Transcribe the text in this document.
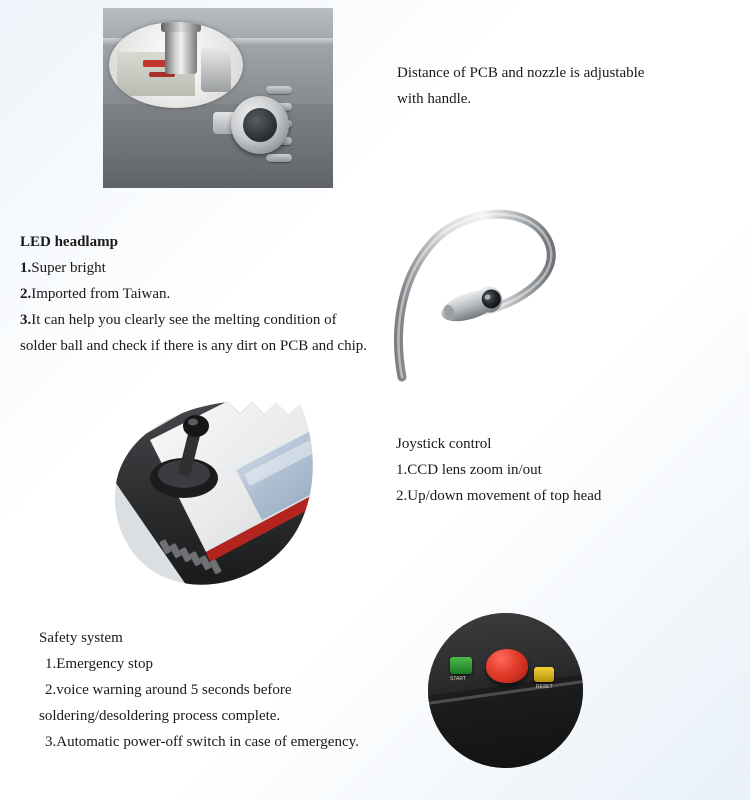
Distance of PCB and nozzle is adjustable
with handle.
LED headlamp
1.Super bright
2.Imported from Taiwan.
3.It can help you clearly see the melting condition of
solder ball and check if there is any dirt on PCB and chip.
Joystick control
1.CCD lens zoom in/out
2.Up/down movement of top head
Safety system
1.Emergency stop
2.voice warning around 5 seconds before
soldering/desoldering process complete.
3.Automatic power-off switch in case of emergency.
START
RESET
